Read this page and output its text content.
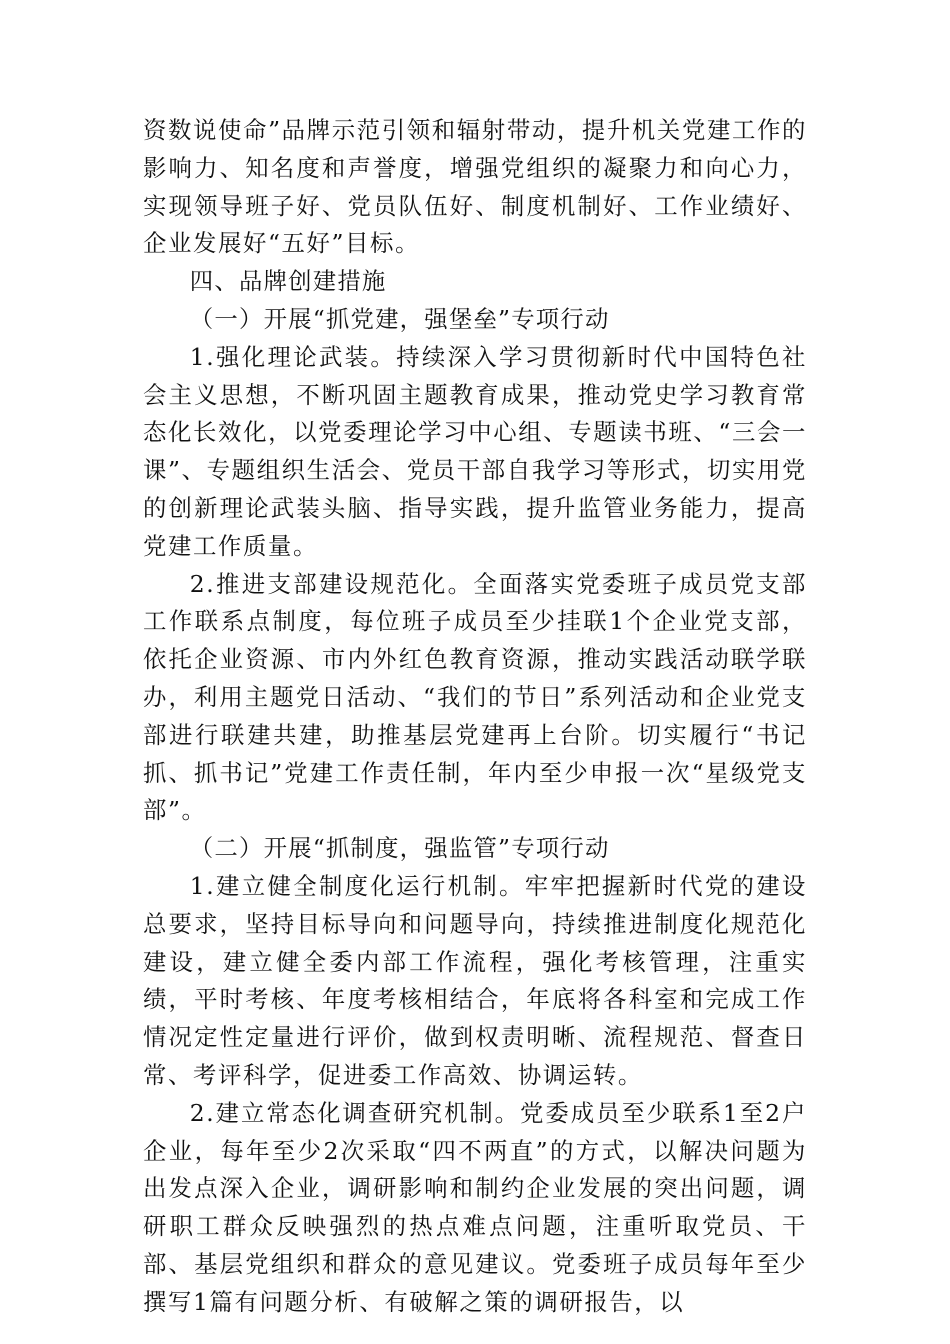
资数说使命”品牌示范引领和辐射带动，提升机关党建工作的影响力、知名度和声誉度，增强党组织的凝聚力和向心力，实现领导班子好、党员队伍好、制度机制好、工作业绩好、企业发展好“五好”目标。

四、品牌创建措施

（一）开展“抓党建，强堡垒”专项行动

1.强化理论武装。持续深入学习贯彻新时代中国特色社会主义思想，不断巩固主题教育成果，推动党史学习教育常态化长效化，以党委理论学习中心组、专题读书班、“三会一课”、专题组织生活会、党员干部自我学习等形式，切实用党的创新理论武装头脑、指导实践，提升监管业务能力，提高党建工作质量。

2.推进支部建设规范化。全面落实党委班子成员党支部工作联系点制度，每位班子成员至少挂联1个企业党支部，依托企业资源、市内外红色教育资源，推动实践活动联学联办，利用主题党日活动、“我们的节日”系列活动和企业党支部进行联建共建，助推基层党建再上台阶。切实履行“书记抓、抓书记”党建工作责任制，年内至少申报一次“星级党支部”。

（二）开展“抓制度，强监管”专项行动

1.建立健全制度化运行机制。牢牢把握新时代党的建设总要求，坚持目标导向和问题导向，持续推进制度化规范化建设，建立健全委内部工作流程，强化考核管理，注重实绩，平时考核、年度考核相结合，年底将各科室和完成工作情况定性定量进行评价，做到权责明晰、流程规范、督查日常、考评科学，促进委工作高效、协调运转。

2.建立常态化调查研究机制。党委成员至少联系1至2户企业，每年至少2次采取“四不两直”的方式，以解决问题为出发点深入企业，调研影响和制约企业发展的突出问题，调研职工群众反映强烈的热点难点问题，注重听取党员、干部、基层党组织和群众的意见建议。党委班子成员每年至少撰写1篇有问题分析、有破解之策的调研报告，以
